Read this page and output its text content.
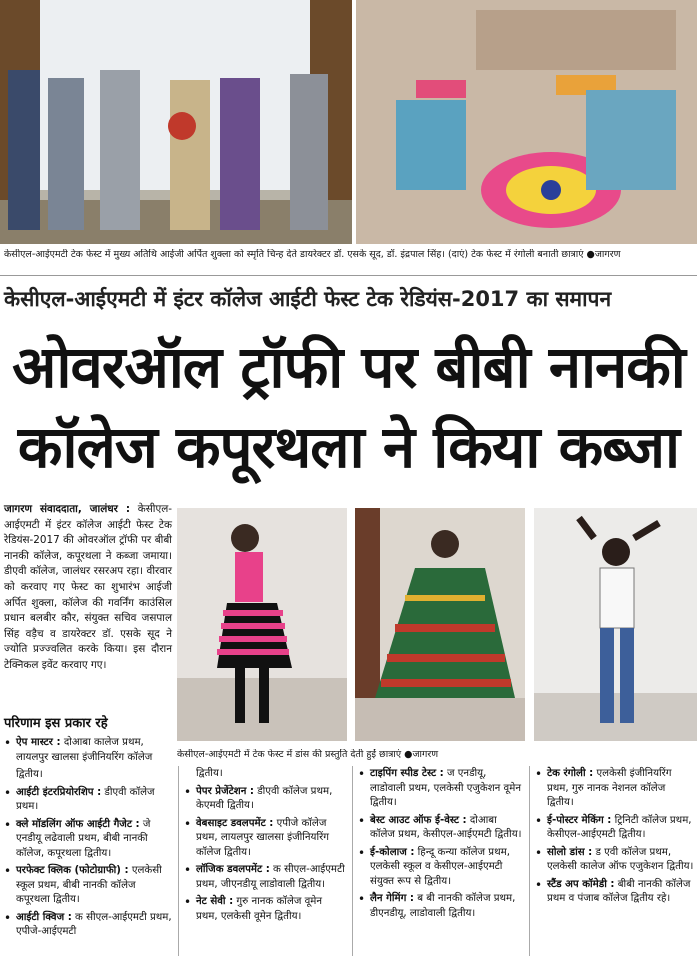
केसीएल-आईएमटी टेक फेस्ट में मुख्य अतिथि आईजी अर्पित शुक्ला को स्मृति चिन्ह देते डायरेक्टर डॉ. एसके सूद, डॉ. इंद्रपाल सिंह। (दाएं) टेक फेस्ट में रंगोली बनाती छात्राएं ●जागरण
केसीएल-आईएमटी में इंटर कॉलेज आईटी फेस्ट टेक रेडियंस-2017 का समापन
ओवरऑल ट्रॉफी पर बीबी नानकी
कॉलेज कपूरथला ने किया कब्जा
जागरण संवाददाता, जालंधर : केसीएल-आईएमटी में इंटर कॉलेज आईटी फेस्ट टेक रेडियंस-2017 की ओवरऑल ट्रॉफी पर बीबी नानकी कॉलेज, कपूरथला ने कब्जा जमाया। डीएवी कॉलेज, जालंधर रसरअप रहा। वीरवार को करवाए गए फेस्ट का शुभारंभ आईजी अर्पित शुक्ला, कॉलेज की गवर्निंग काउंसिल प्रधान बलबीर कौर, संयुक्त सचिव जसपाल सिंह वड़ैच व डायरेक्टर डॉ. एसके सूद ने ज्योति प्रज्ज्वलित करके किया। इस दौरान टेक्निकल इवेंट करवाए गए।
परिणाम इस प्रकार रहे
केसीएल-आईएमटी में टेक फेस्ट में डांस की प्रस्तुति देती हुईं छात्राएं ●जागरण
• ऐप मास्टर : दोआबा कालेज प्रथम, लायलपुर खालसा इंजीनियरिंग कॉलेज
द्वितीय।
• आईटी इंटरप्रियोरशिप : डीएवी कॉलेज प्रथम।
• क्ले मॉडलिंग ऑफ आईटी गैजेट : जे एनडीयू लढेवाली प्रथम, बीबी नानकी कॉलेज, कपूरथला द्वितीय।
• परफेक्ट क्लिक (फोटोग्राफी) : एलकेसी स्कूल प्रथम, बीबी नानकी कॉलेज कपूरथला द्वितीय।
• आईटी क्विज : क सीएल-आईएमटी प्रथम, एपीजे-आईएमटी
द्वितीय।
• पेपर प्रेजेंटेशन : डीएवी कॉलेज प्रथम, केएमवी द्वितीय।
• वेबसाइट डवलपमेंट : एपीजे कॉलेज प्रथम, लायलपुर खालसा इंजीनियरिंग कॉलेज द्वितीय।
• लॉजिक डवलपमेंट : क सीएल-आईएमटी प्रथम, जीएनडीयू लाडोवाली द्वितीय।
• नेट सेवी : गुरु नानक कॉलेज वूमेन प्रथम, एलकेसी वूमेन द्वितीय।
• टाइपिंग स्पीड टेस्ट : ज एनडीयू, लाडोवाली प्रथम, एलकेसी एजुकेशन वूमेन द्वितीय।
• बेस्ट आउट ऑफ ई-वेस्ट : दोआबा कॉलेज प्रथम, केसीएल-आईएमटी द्वितीय।
• ई-कोलाज : हिन्दू कन्या कॉलेज प्रथम, एलकेसी स्कूल व केसीएल-आईएमटी संयुक्त रूप से द्वितीय।
• लैन गेमिंग : ब बी नानकी कॉलेज प्रथम, डीएनडीयू, लाडोवाली द्वितीय।
• टेक रंगोली : एलकेसी इंजीनियरिंग प्रथम, गुरु नानक नेशनल कॉलेज द्वितीय।
• ई-पोस्टर मेकिंग : ट्रिनिटी कॉलेज प्रथम, केसीएल-आईएमटी द्वितीय।
• सोलो डांस : ड एवी कॉलेज प्रथम, एलकेसी कालेज ऑफ एजुकेशन द्वितीय।
• स्टैंड अप कॉमेडी : बीबी नानकी कॉलेज प्रथम व पंजाब कॉलेज द्वितीय रहे।
